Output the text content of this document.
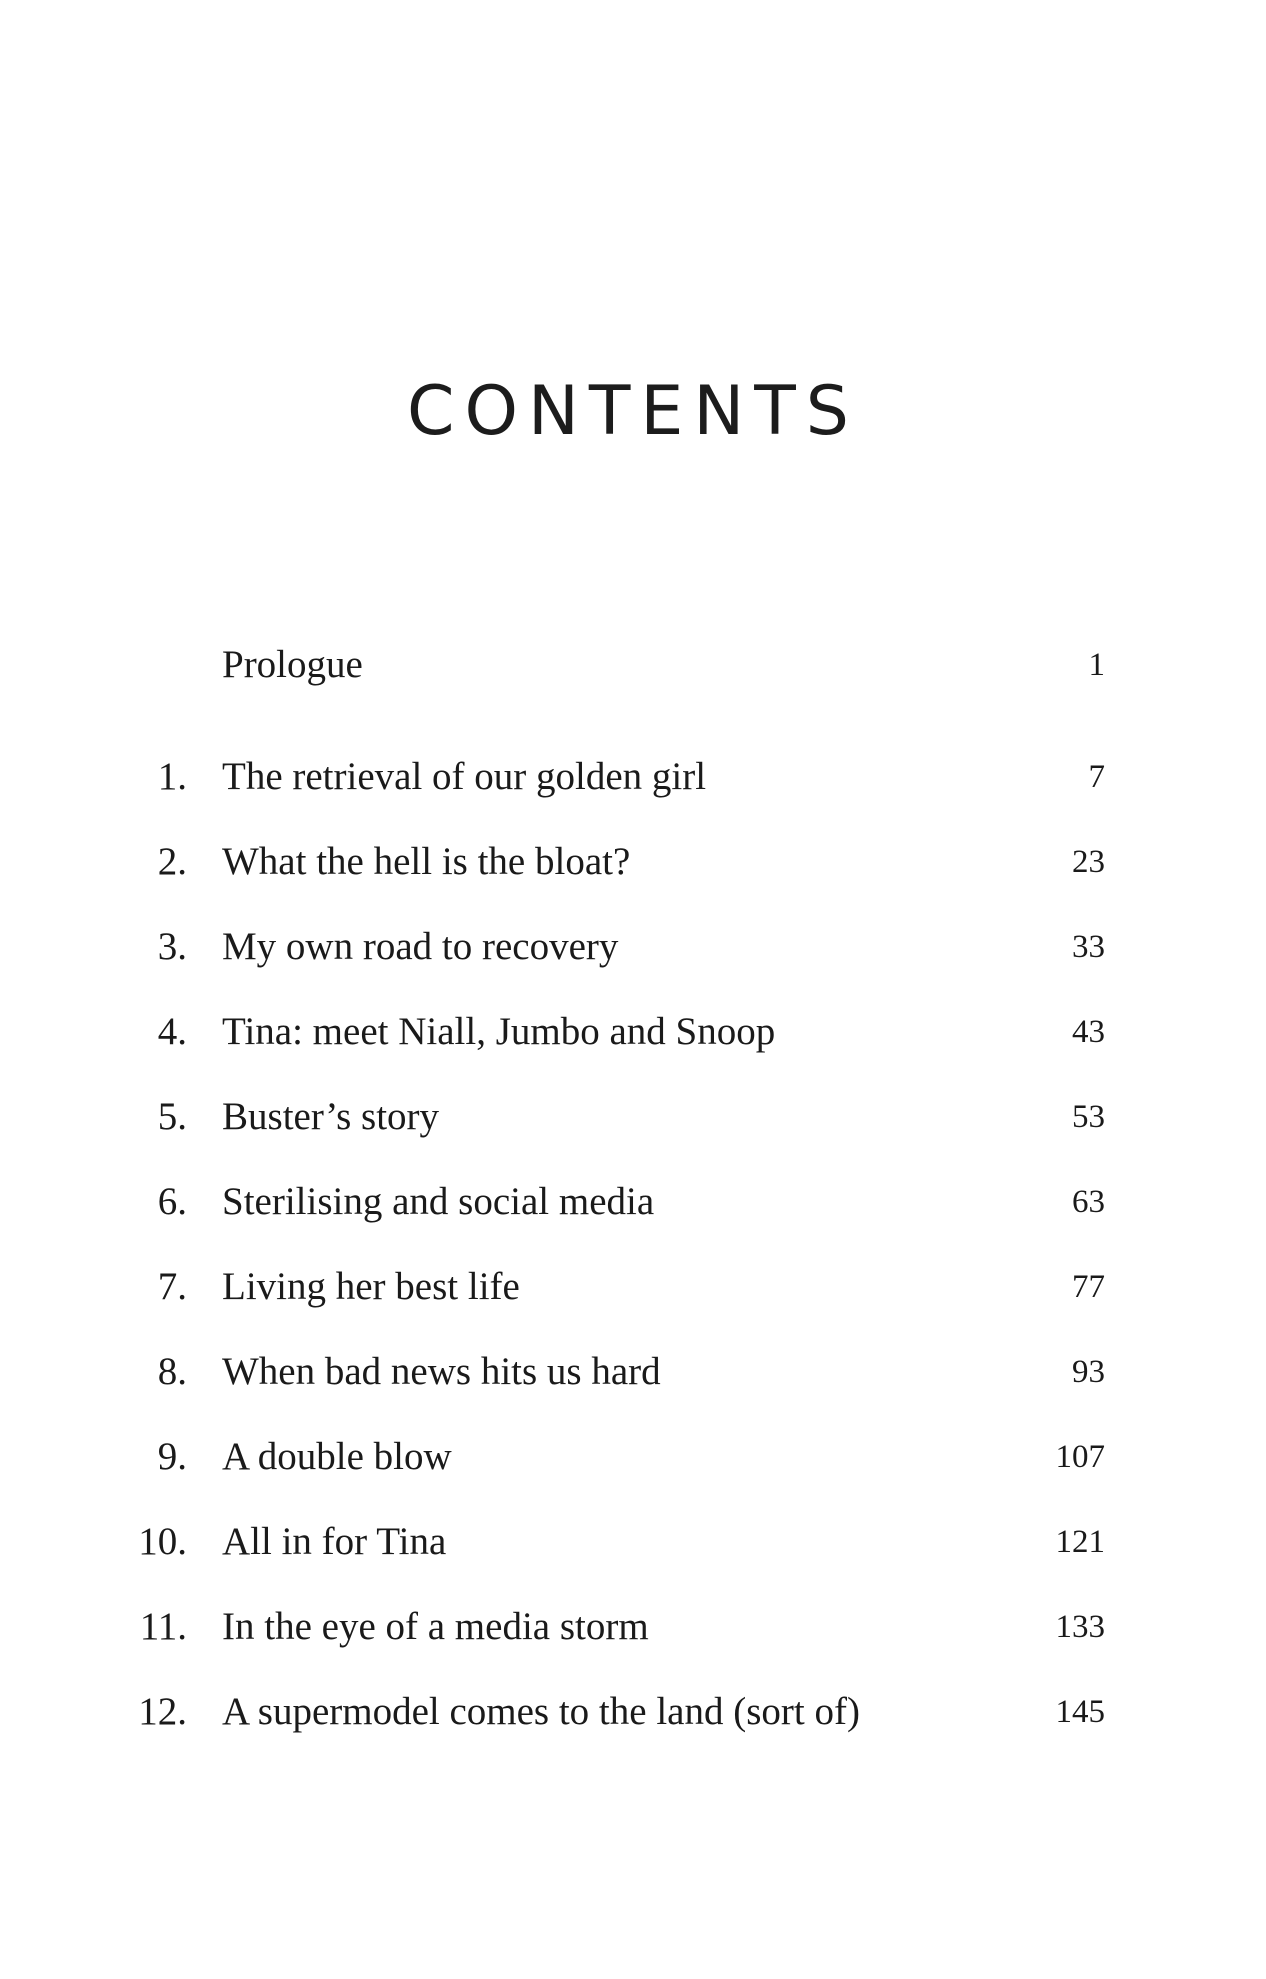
CONTENTS
Prologue	1
1. The retrieval of our golden girl	7
2. What the hell is the bloat?	23
3. My own road to recovery	33
4. Tina: meet Niall, Jumbo and Snoop	43
5. Buster’s story	53
6. Sterilising and social media	63
7. Living her best life	77
8. When bad news hits us hard	93
9. A double blow	107
10. All in for Tina	121
11. In the eye of a media storm	133
12. A supermodel comes to the land (sort of)	145
